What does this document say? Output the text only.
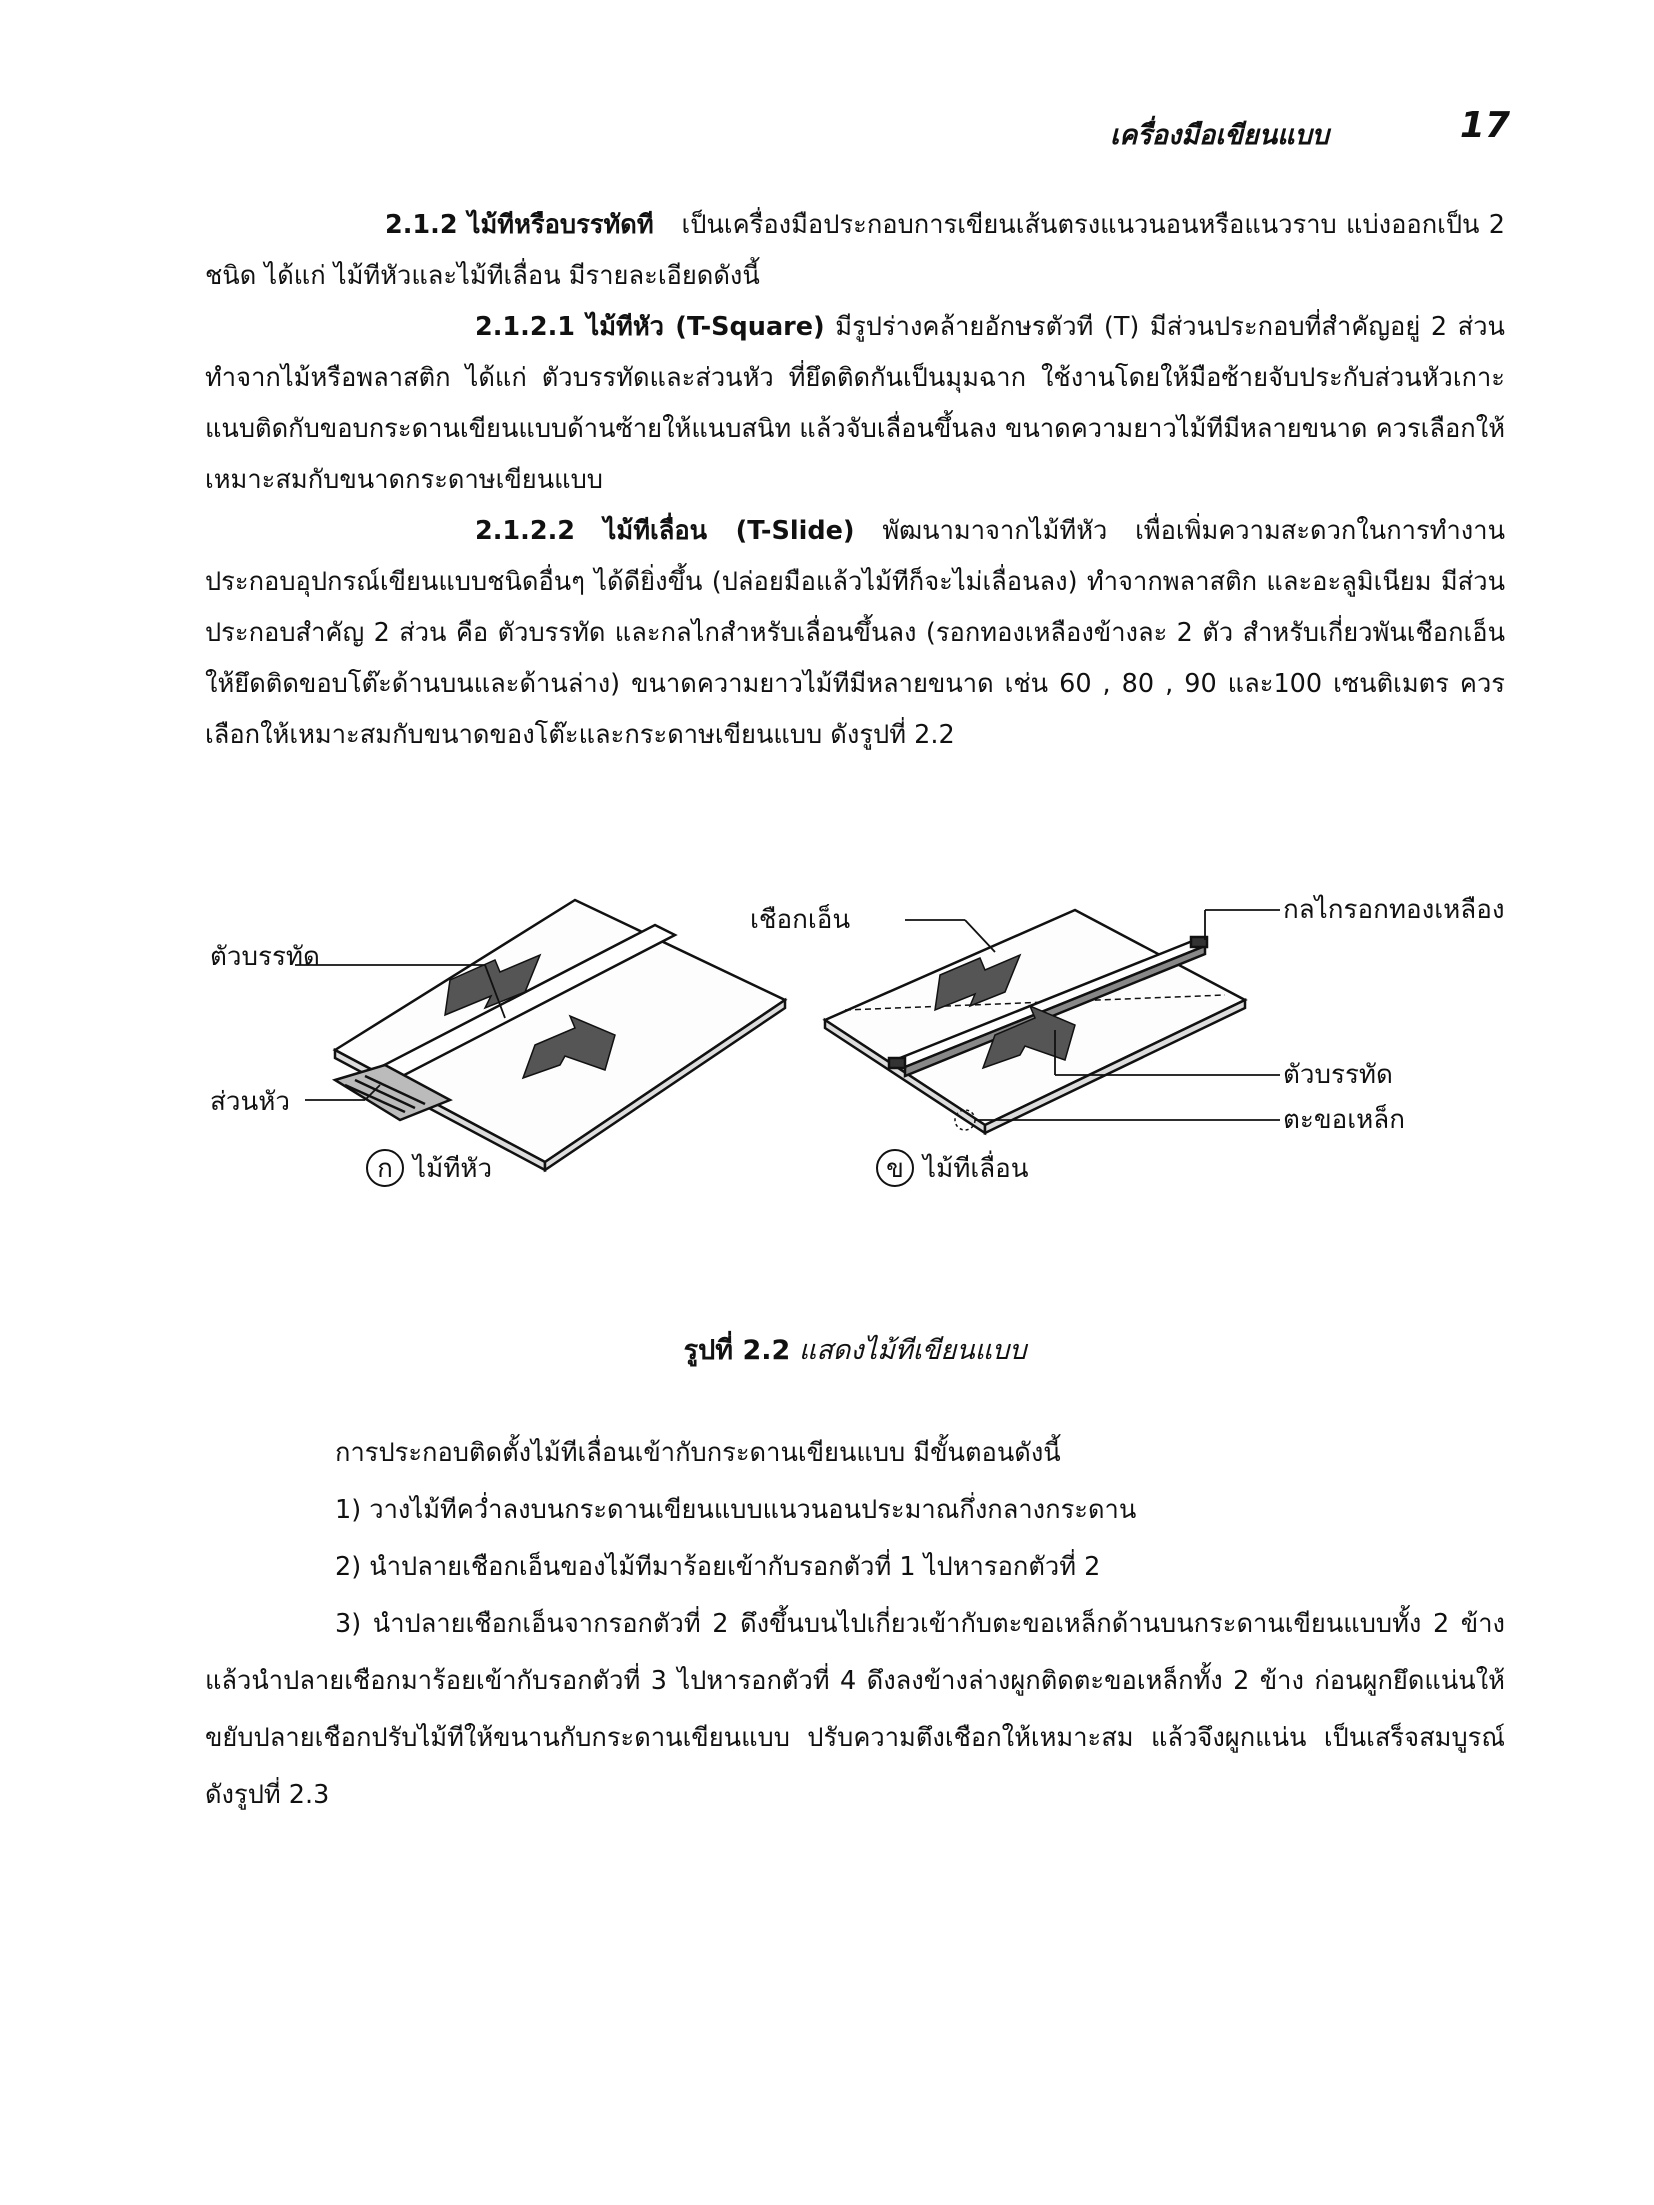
เครื่องมือเขียนแบบ	17

2.1.2 ไม้ทีหรือบรรทัดที เป็นเครื่องมือประกอบการเขียนเส้นตรงแนวนอนหรือแนวราบ แบ่งออกเป็น 2 ชนิด ได้แก่ ไม้ทีหัวและไม้ทีเลื่อน มีรายละเอียดดังนี้

2.1.2.1 ไม้ทีหัว (T-Square) มีรูปร่างคล้ายอักษรตัวที (T) มีส่วนประกอบที่สำคัญอยู่ 2 ส่วน ทำจากไม้หรือพลาสติก ได้แก่ ตัวบรรทัดและส่วนหัว ที่ยึดติดกันเป็นมุมฉาก ใช้งานโดยให้มือซ้ายจับประกับส่วนหัวเกาะแนบติดกับขอบกระดานเขียนแบบด้านซ้ายให้แนบสนิท แล้วจับเลื่อนขึ้นลง ขนาดความยาวไม้ทีมีหลายขนาด ควรเลือกให้เหมาะสมกับขนาดกระดาษเขียนแบบ

2.1.2.2 ไม้ทีเลื่อน (T-Slide) พัฒนามาจากไม้ทีหัว เพื่อเพิ่มความสะดวกในการทำงานประกอบอุปกรณ์เขียนแบบชนิดอื่นๆ ได้ดียิ่งขึ้น (ปล่อยมือแล้วไม้ทีก็จะไม่เลื่อนลง) ทำจากพลาสติก และอะลูมิเนียม มีส่วนประกอบสำคัญ 2 ส่วน คือ ตัวบรรทัด และกลไกสำหรับเลื่อนขึ้นลง (รอกทองเหลืองข้างละ 2 ตัว สำหรับเกี่ยวพันเชือกเอ็นให้ยึดติดขอบโต๊ะด้านบนและด้านล่าง) ขนาดความยาวไม้ทีมีหลายขนาด เช่น 60 , 80 , 90 และ100 เซนติเมตร ควรเลือกให้เหมาะสมกับขนาดของโต๊ะและกระดาษเขียนแบบ ดังรูปที่ 2.2

ตัวบรรทัด
ส่วนหัว
ก ไม้ทีหัว
เชือกเอ็น	กลไกรอกทองเหลือง
ตัวบรรทัด
ตะขอเหล็ก
ข ไม้ทีเลื่อน
รูปที่ 2.2 แสดงไม้ทีเขียนแบบ

การประกอบติดตั้งไม้ทีเลื่อนเข้ากับกระดานเขียนแบบ มีขั้นตอนดังนี้

1) วางไม้ทีคว่ำลงบนกระดานเขียนแบบแนวนอนประมาณกึ่งกลางกระดาน

2) นำปลายเชือกเอ็นของไม้ทีมาร้อยเข้ากับรอกตัวที่ 1 ไปหารอกตัวที่ 2

3) นำปลายเชือกเอ็นจากรอกตัวที่ 2 ดึงขึ้นบนไปเกี่ยวเข้ากับตะขอเหล็กด้านบนกระดานเขียนแบบทั้ง 2 ข้าง แล้วนำปลายเชือกมาร้อยเข้ากับรอกตัวที่ 3 ไปหารอกตัวที่ 4 ดึงลงข้างล่างผูกติดตะขอเหล็กทั้ง 2 ข้าง ก่อนผูกยึดแน่นให้ขยับปลายเชือกปรับไม้ทีให้ขนานกับกระดานเขียนแบบ ปรับความตึงเชือกให้เหมาะสม แล้วจึงผูกแน่น เป็นเสร็จสมบูรณ์ ดังรูปที่ 2.3
